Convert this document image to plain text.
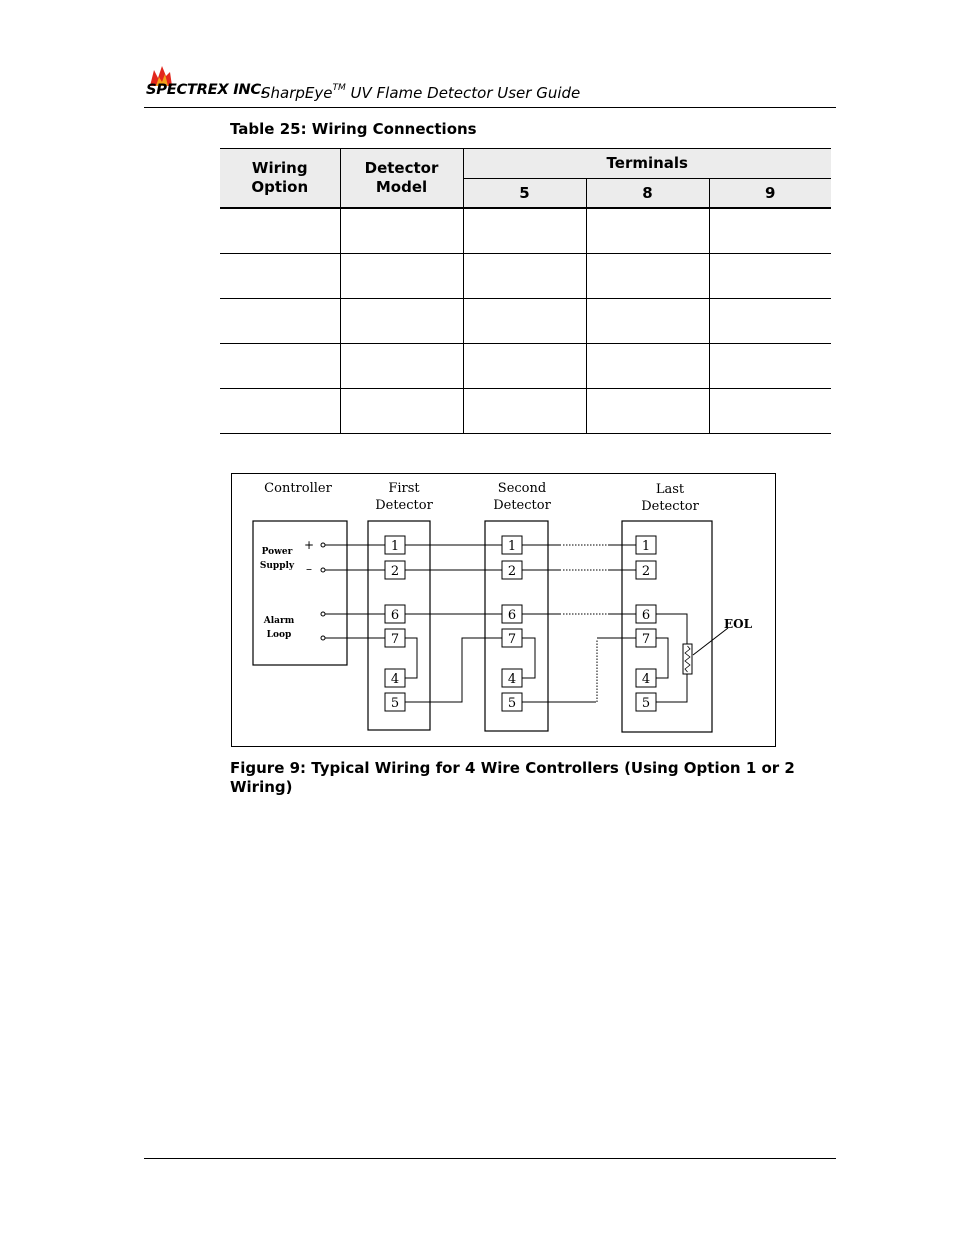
SPECTREX INC.
SharpEye™ UV Flame Detector User Guide
Table 25: Wiring Connections
Wiring Option	Detector Model	Terminals		
		5	8	9

Controller	First
Detector
Second
Detector
Last
Detector
Power
Supply
+
–
Alarm
Loop
EOL
1
2
6
7
4
5
1
2
6
7
4
5
1
2
6
7
4
5
Figure 9: Typical Wiring for 4 Wire Controllers (Using Option 1 or 2 Wiring)
